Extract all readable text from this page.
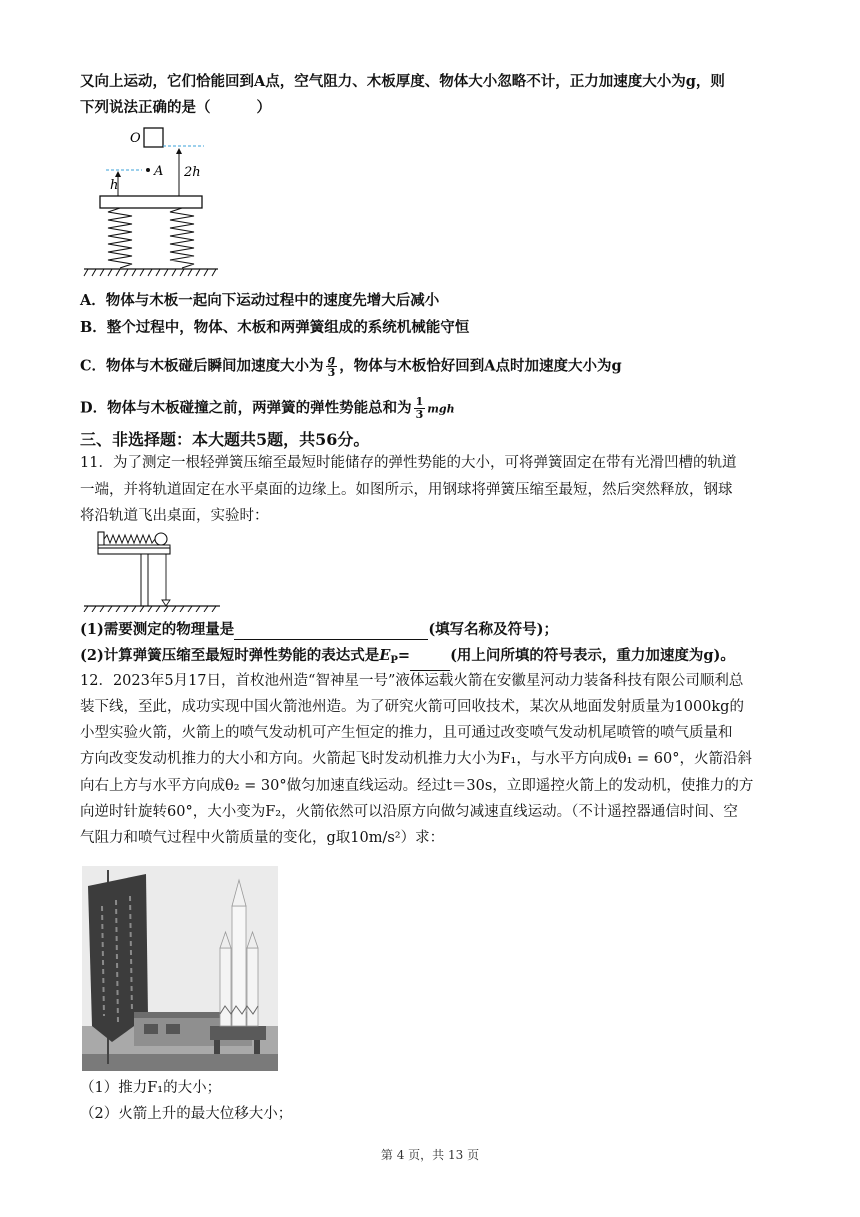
又向上运动，它们恰能回到A点，空气阻力、木板厚度、物体大小忽略不计，正力加速度大小为g，则
下列说法正确的是（	）
O
A
h
2h
A．物体与木板一起向下运动过程中的速度先增大后减小
B．整个过程中，物体、木板和两弹簧组成的系统机械能守恒
C．物体与木板碰后瞬间加速度大小为 $\frac{g}{3}$ ，物体与木板恰好回到A点时加速度大小为g
D．物体与木板碰撞之前，两弹簧的弹性势能总和为 $\frac{1}{3}$ mgh
三、非选择题：本大题共5题，共56分。
11．为了测定一根轻弹簧压缩至最短时能储存的弹性势能的大小，可将弹簧固定在带有光滑凹槽的轨道
一端，并将轨道固定在水平桌面的边缘上。如图所示，用钢球将弹簧压缩至最短，然后突然释放，钢球
将沿轨道飞出桌面，实验时：
(1)需要测定的物理量是	(填写名称及符号)；
(2)计算弹簧压缩至最短时弹性势能的表达式是$E_P=$	(用上问所填的符号表示，重力加速度为g)。
12．2023年5月17日，首枚池州造“智神星一号”液体运载火箭在安徽星河动力装备科技有限公司顺利总
装下线，至此，成功实现中国火箭池州造。为了研究火箭可回收技术，某次从地面发射质量为1000kg的
小型实验火箭，火箭上的喷气发动机可产生恒定的推力，且可通过改变喷气发动机尾喷管的喷气质量和
方向改变发动机推力的大小和方向。火箭起飞时发动机推力大小为F₁，与水平方向成θ₁ = 60°，火箭沿斜
向右上方与水平方向成θ₂ = 30°做匀加速直线运动。经过t＝30s，立即遥控火箭上的发动机，使推力的方
向逆时针旋转60°，大小变为F₂，火箭依然可以沿原方向做匀减速直线运动。（不计遥控器通信时间、空
气阻力和喷气过程中火箭质量的变化，g取10m/s²）求：
（1）推力F₁的大小；
（2）火箭上升的最大位移大小；
第 4 页，共 13 页
